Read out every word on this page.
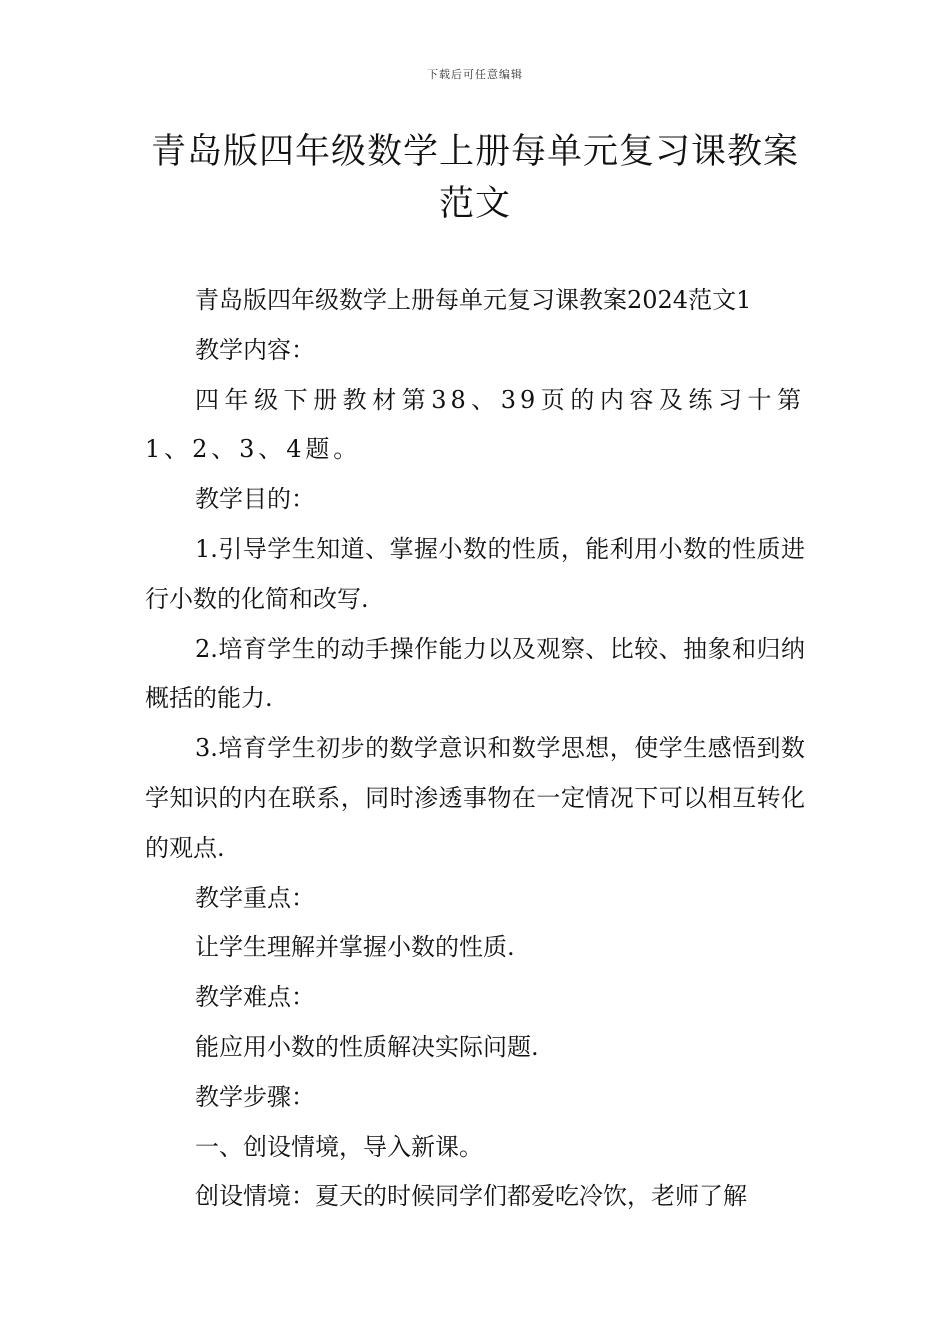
下载后可任意编辑
青岛版四年级数学上册每单元复习课教案范文

青岛版四年级数学上册每单元复习课教案2024范文1

教学内容：

四年级下册教材第38、39页的内容及练习十第1、2、3、4题。

教学目的：

1.引导学生知道、掌握小数的性质，能利用小数的性质进行小数的化简和改写.

2.培育学生的动手操作能力以及观察、比较、抽象和归纳概括的能力.

3.培育学生初步的数学意识和数学思想，使学生感悟到数学知识的内在联系，同时渗透事物在一定情况下可以相互转化的观点.

教学重点：

让学生理解并掌握小数的性质.

教学难点：

能应用小数的性质解决实际问题.

教学步骤：

一、创设情境，导入新课。

创设情境：夏天的时候同学们都爱吃冷饮，老师了解
